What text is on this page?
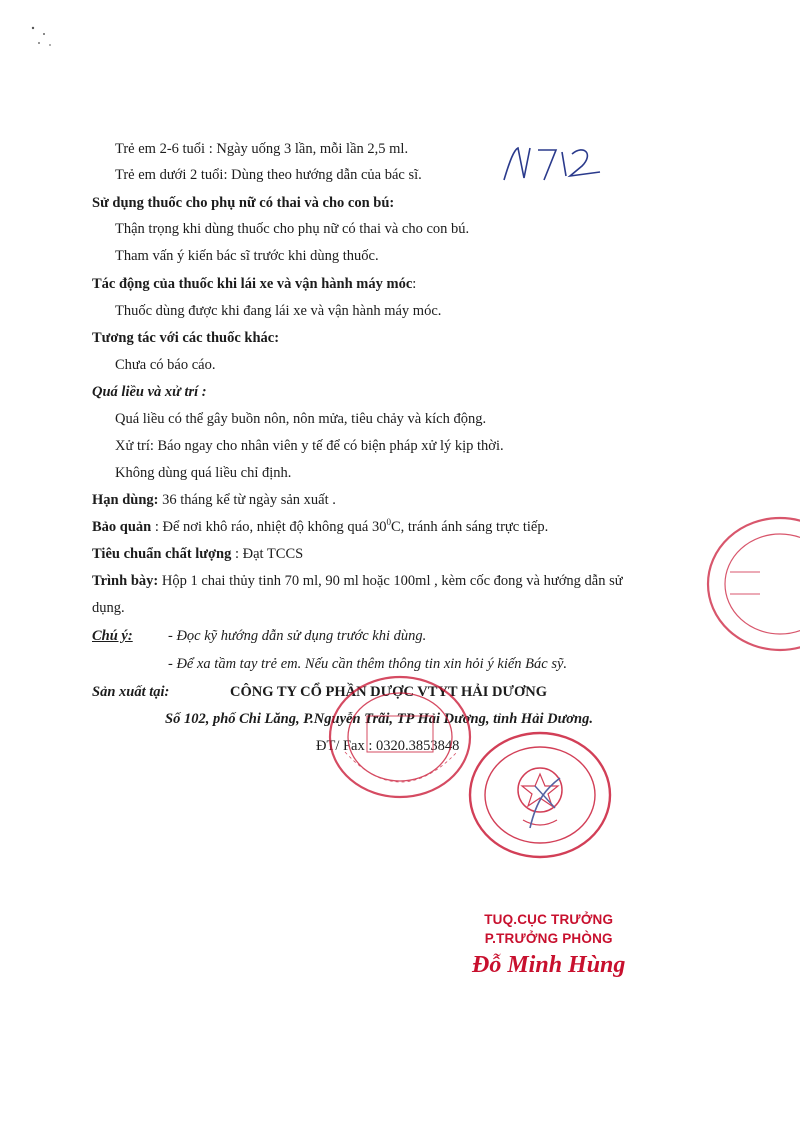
Trẻ em 2-6 tuổi : Ngày uống 3 lần, mỗi lần 2,5 ml.
Trẻ em dưới 2 tuổi: Dùng theo hướng dẫn của bác sĩ.
Sử dụng thuốc cho phụ nữ có thai và cho con bú:
Thận trọng khi dùng thuốc cho phụ nữ có thai và cho con bú.
Tham vấn ý kiến bác sĩ trước khi dùng thuốc.
Tác động của thuốc khi lái xe và vận hành máy móc:
Thuốc dùng được khi đang lái xe và vận hành máy móc.
Tương tác với các thuốc khác:
Chưa có báo cáo.
Quá liều và xử trí :
Quá liều có thể gây buồn nôn, nôn mửa, tiêu chảy và kích động.
Xử trí: Báo ngay cho nhân viên y tế để có biện pháp xử lý kịp thời.
Không dùng quá liều chỉ định.
Hạn dùng: 36 tháng kể từ ngày sản xuất .
Bảo quản : Để nơi khô ráo, nhiệt độ không quá $30^0C$, tránh ánh sáng trực tiếp.
Tiêu chuẩn chất lượng : Đạt TCCS
Trình bày: Hộp 1 chai thủy tinh 70 ml, 90 ml hoặc 100ml , kèm cốc đong và hướng dẫn sử
dụng.
Chú ý: - Đọc kỹ hướng dẫn sử dụng trước khi dùng.
- Để xa tầm tay trẻ em. Nếu cần thêm thông tin xin hỏi ý kiến Bác sỹ.
Sản xuất tại:	CÔNG TY CỔ PHẦN DƯỢC VTYT HẢI DƯƠNG
Số 102, phố Chi Lăng, P.Nguyễn Trãi, TP Hải Dương, tỉnh Hải Dương.
ĐT/ Fax : 0320.3853848
TUQ.CỤC TRƯỞNG
P.TRƯỞNG PHÒNG
Đỗ Minh Hùng
